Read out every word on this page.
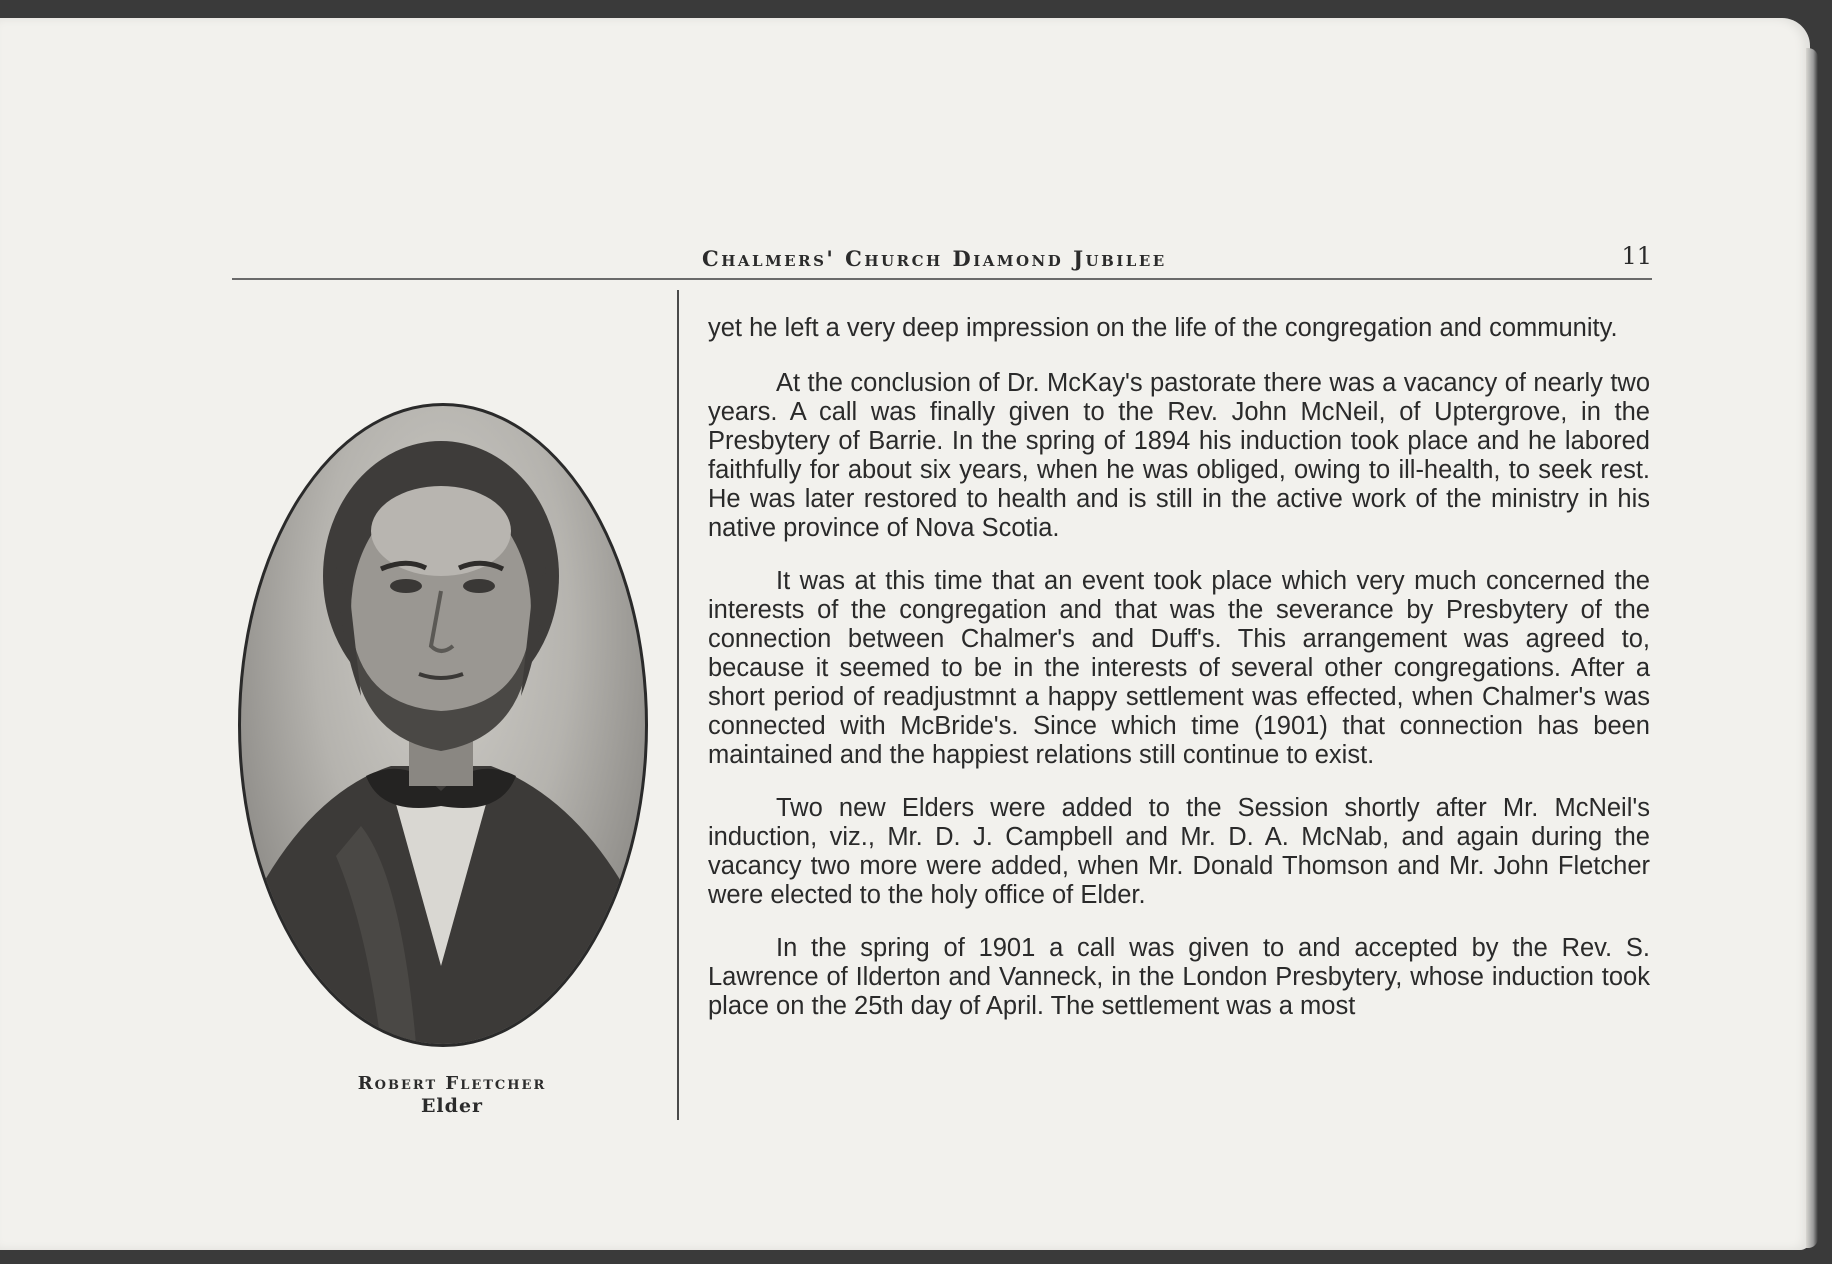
Chalmers' Church Diamond Jubilee	11
Robert Fletcher
Elder

yet he left a very deep impression on the life of the congregation and community.

At the conclusion of Dr. McKay's pastorate there was a vacancy of nearly two years. A call was finally given to the Rev. John McNeil, of Uptergrove, in the Presbytery of Barrie. In the spring of 1894 his induction took place and he labored faithfully for about six years, when he was obliged, owing to ill-health, to seek rest. He was later restored to health and is still in the active work of the ministry in his native province of Nova Scotia.

It was at this time that an event took place which very much concerned the interests of the congregation and that was the severance by Presbytery of the connection between Chalmer's and Duff's. This arrangement was agreed to, because it seemed to be in the interests of several other congregations. After a short period of readjustmnt a happy settlement was effected, when Chalmer's was connected with McBride's. Since which time (1901) that connection has been maintained and the happiest relations still continue to exist.

Two new Elders were added to the Session shortly after Mr. McNeil's induction, viz., Mr. D. J. Campbell and Mr. D. A. McNab, and again during the vacancy two more were added, when Mr. Donald Thomson and Mr. John Fletcher were elected to the holy office of Elder.

In the spring of 1901 a call was given to and accepted by the Rev. S. Lawrence of Ilderton and Vanneck, in the London Presbytery, whose induction took place on the 25th day of April. The settlement was a most
